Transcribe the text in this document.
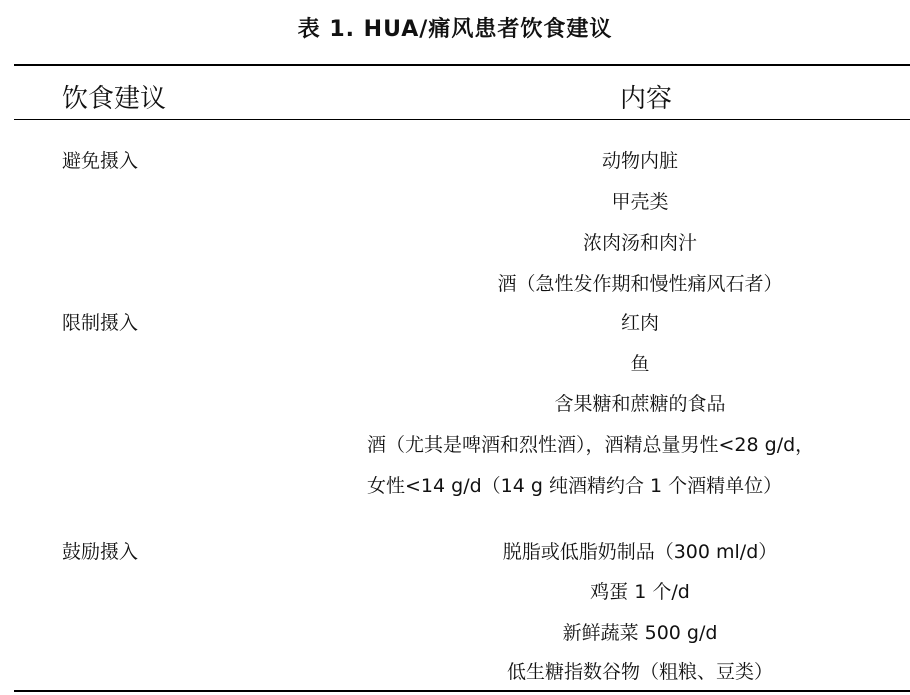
表 1. HUA/痛风患者饮食建议
饮食建议	内容
避免摄入	动物内脏
甲壳类
浓肉汤和肉汁
酒（急性发作期和慢性痛风石者）
限制摄入	红肉
鱼
含果糖和蔗糖的食品
酒（尤其是啤酒和烈性酒），酒精总量男性<28 g/d，
女性<14 g/d（14 g 纯酒精约合 1 个酒精单位）
鼓励摄入	脱脂或低脂奶制品（300 ml/d）
鸡蛋 1 个/d
新鲜蔬菜 500 g/d
低生糖指数谷物（粗粮、豆类）
